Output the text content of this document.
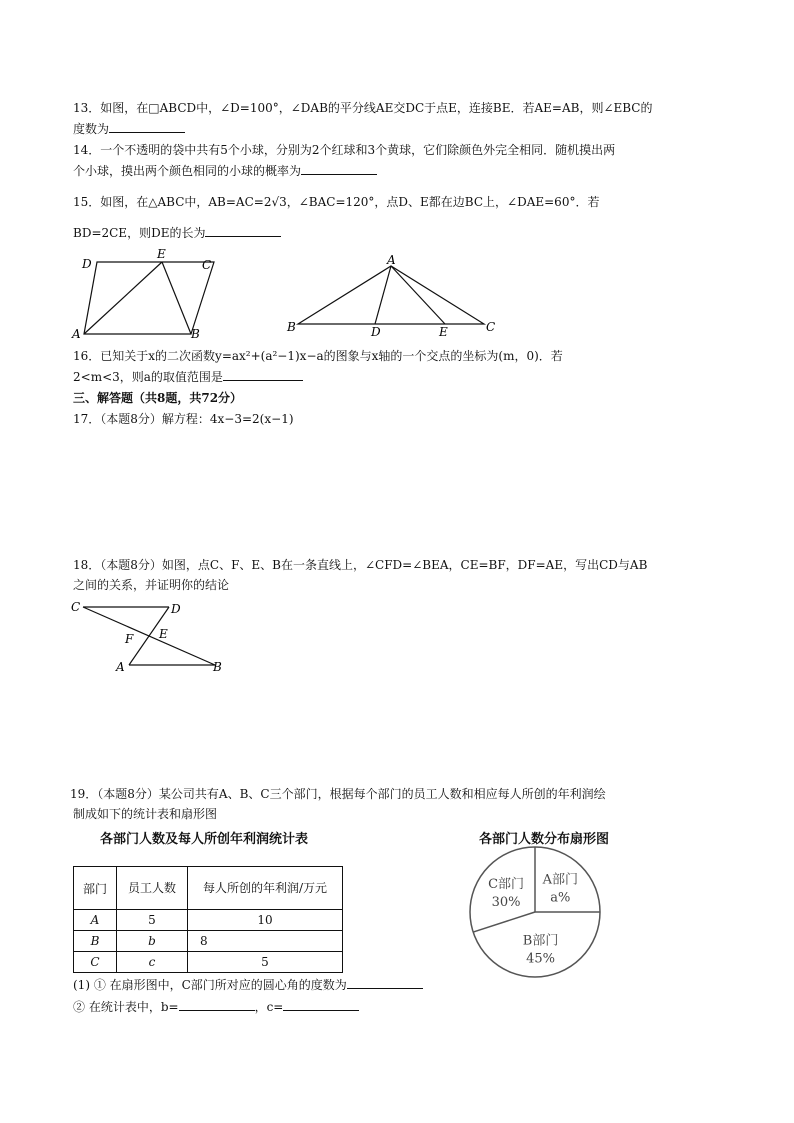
13．如图，在□ABCD中，∠D=100°，∠DAB的平分线AE交DC于点E，连接BE．若AE=AB，则∠EBC的
度数为
14．一个不透明的袋中共有5个小球，分别为2个红球和3个黄球，它们除颜色外完全相同．随机摸出两
个小球，摸出两个颜色相同的小球的概率为
15．如图，在△ABC中，AB=AC=2√3，∠BAC=120°，点D、E都在边BC上，∠DAE=60°．若
BD=2CE，则DE的长为
D
E
C
A	B
A
B	D	E	C
16．已知关于x的二次函数y=ax²+(a²−1)x−a的图象与x轴的一个交点的坐标为(m，0)．若
2<m<3，则a的取值范围是
三、解答题（共8题，共72分）
17．（本题8分）解方程：4x−3=2(x−1)
18．（本题8分）如图，点C、F、E、B在一条直线上，∠CFD=∠BEA，CE=BF，DF=AE，写出CD与AB
之间的关系，并证明你的结论
C	D
F E
A	B
19．（本题8分）某公司共有A、B、C三个部门，根据每个部门的员工人数和相应每人所创的年利润绘
制成如下的统计表和扇形图
各部门人数及每人所创年利润统计表	各部门人数分布扇形图
部门	员工人数	每人所创的年利润/万元
A	5	10
B	b	8
C	c	5
A部门
a%
B部门
45%
C部门
30%
(1) ① 在扇形图中，C部门所对应的圆心角的度数为
② 在统计表中，b=	，c=
